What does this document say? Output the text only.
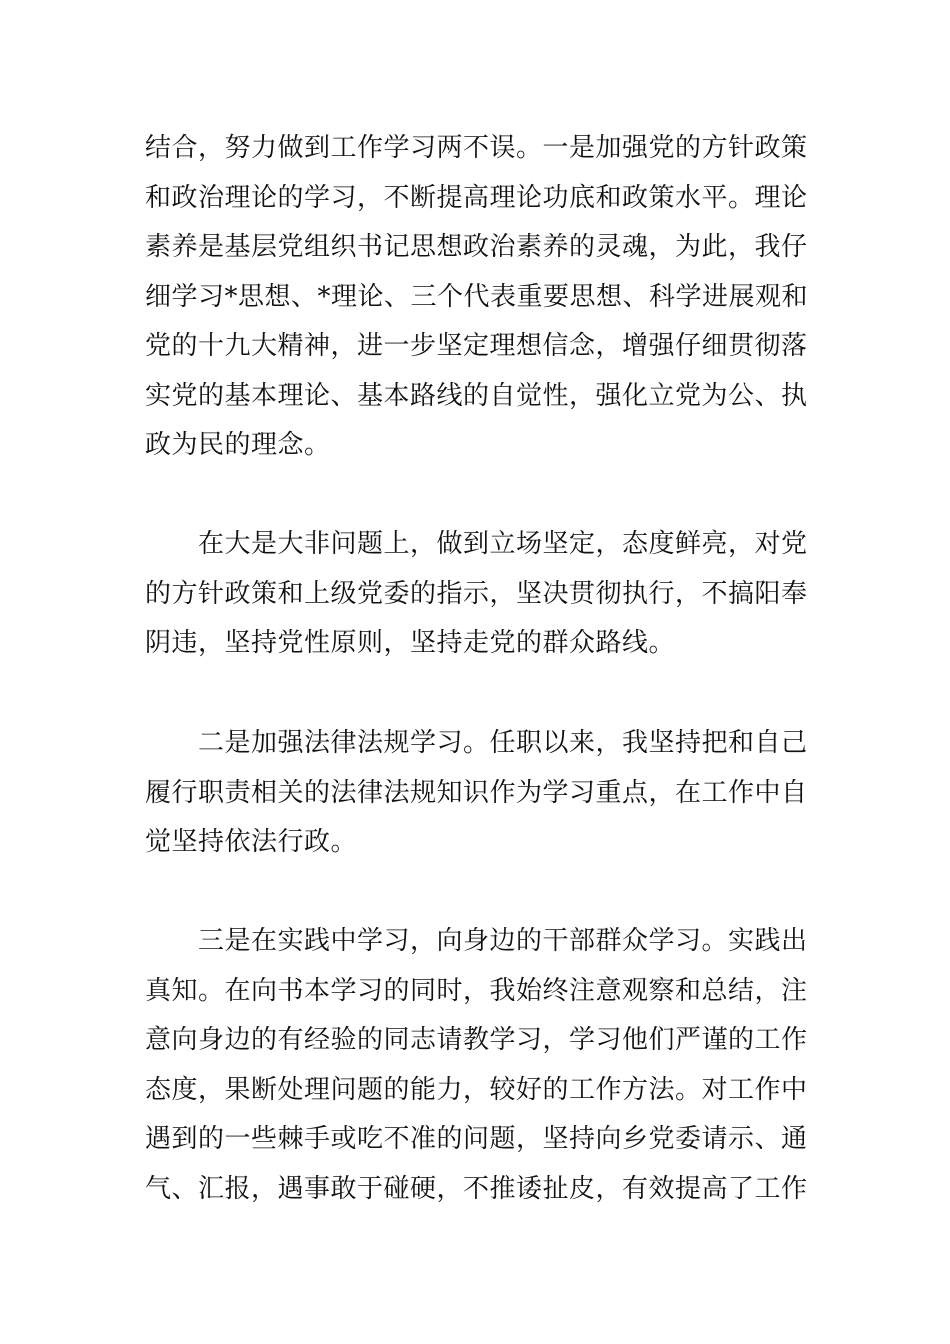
结合，努力做到工作学习两不误。一是加强党的方针政策
和政治理论的学习，不断提高理论功底和政策水平。理论
素养是基层党组织书记思想政治素养的灵魂，为此，我仔
细学习*思想、*理论、三个代表重要思想、科学进展观和
党的十九大精神，进一步坚定理想信念，增强仔细贯彻落
实党的基本理论、基本路线的自觉性，强化立党为公、执
政为民的理念。

　　在大是大非问题上，做到立场坚定，态度鲜亮，对党
的方针政策和上级党委的指示，坚决贯彻执行，不搞阳奉
阴违，坚持党性原则，坚持走党的群众路线。

　　二是加强法律法规学习。任职以来，我坚持把和自己
履行职责相关的法律法规知识作为学习重点，在工作中自
觉坚持依法行政。

　　三是在实践中学习，向身边的干部群众学习。实践出
真知。在向书本学习的同时，我始终注意观察和总结，注
意向身边的有经验的同志请教学习，学习他们严谨的工作
态度，果断处理问题的能力，较好的工作方法。对工作中
遇到的一些棘手或吃不准的问题，坚持向乡党委请示、通
气、汇报，遇事敢于碰硬，不推诿扯皮，有效提高了工作
